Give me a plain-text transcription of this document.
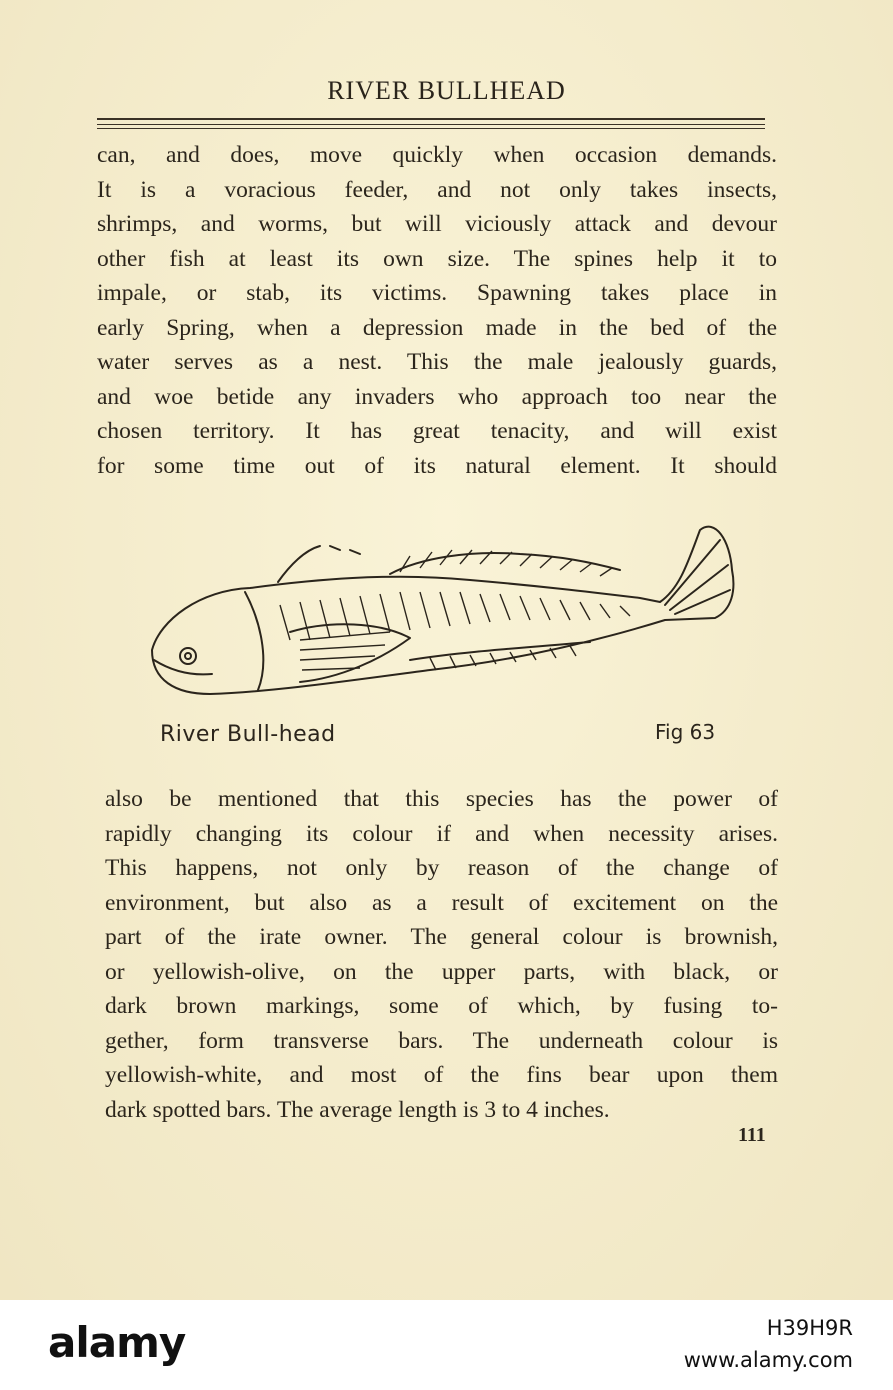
RIVER BULLHEAD
can, and does, move quickly when occasion demands.
It is a voracious feeder, and not only takes insects,
shrimps, and worms, but will viciously attack and devour
other fish at least its own size. The spines help it to
impale, or stab, its victims. Spawning takes place in
early Spring, when a depression made in the bed of the
water serves as a nest. This the male jealously guards,
and woe betide any invaders who approach too near the
chosen territory. It has great tenacity, and will exist
for some time out of its natural element. It should
River Bull-head	Fig 63
also be mentioned that this species has the power of
rapidly changing its colour if and when necessity arises.
This happens, not only by reason of the change of
environment, but also as a result of excitement on the
part of the irate owner. The general colour is brownish,
or yellowish-olive, on the upper parts, with black, or
dark brown markings, some of which, by fusing to-
gether, form transverse bars. The underneath colour is
yellowish-white, and most of the fins bear upon them
dark spotted bars. The average length is 3 to 4 inches.
111
alamy	H39H9R
www.alamy.com
